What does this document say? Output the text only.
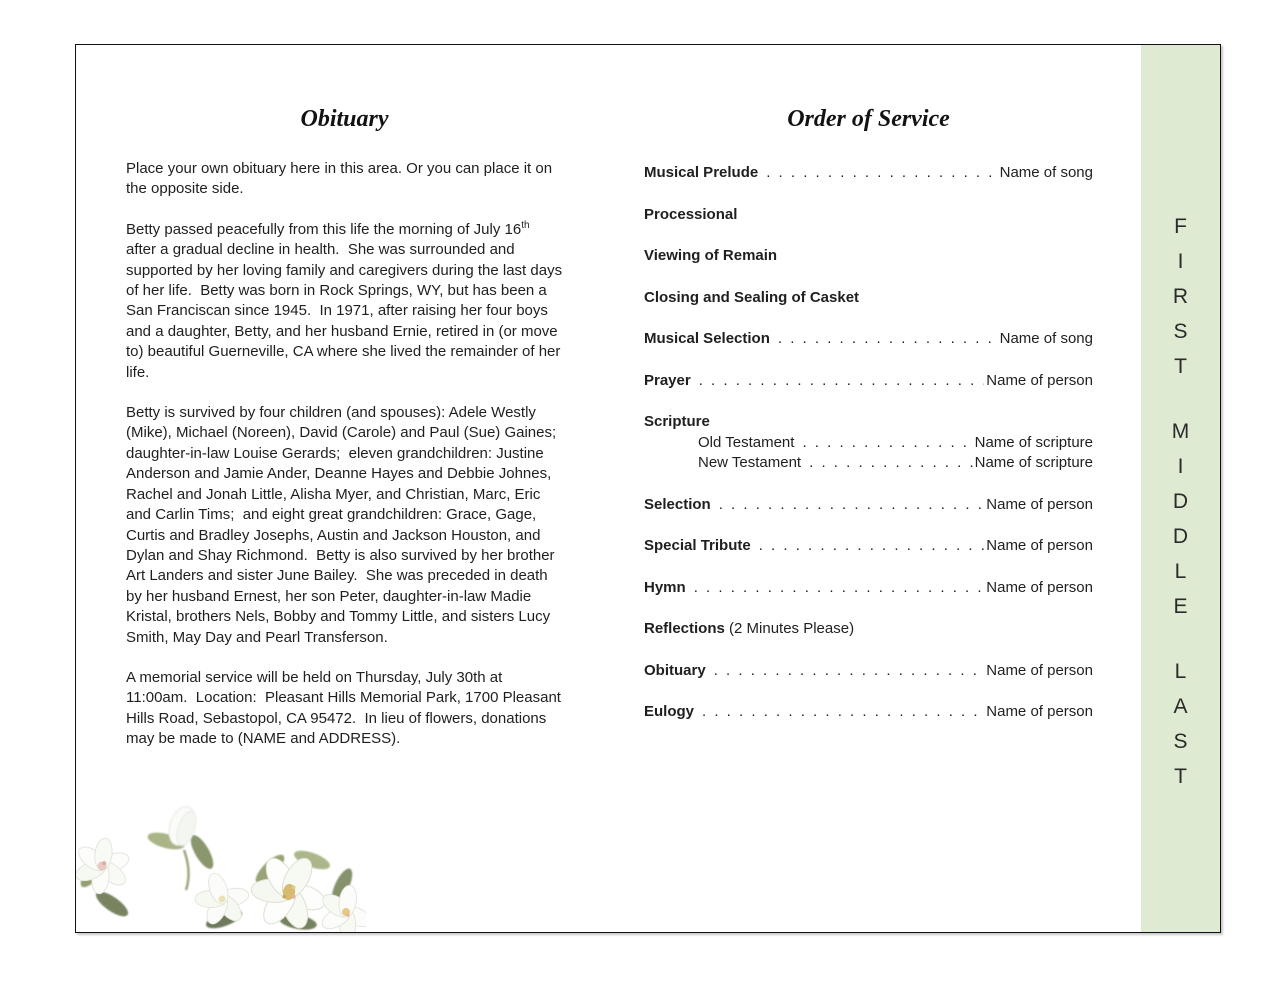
FIRST
MIDDLE
LAST
Obituary

Place your own obituary here in this area. Or you can place it on the opposite side.

Betty passed peacefully from this life the morning of July 16th after a gradual decline in health.  She was surrounded and supported by her loving family and caregivers during the last days of her life.  Betty was born in Rock Springs, WY, but has been a San Franciscan since 1945.  In 1971, after raising her four boys and a daughter, Betty, and her husband Ernie, retired in (or move to) beautiful Guerneville, CA where she lived the remainder of her life.

Betty is survived by four children (and spouses): Adele Westly (Mike), Michael (Noreen), David (Carole) and Paul (Sue) Gaines;  daughter-in-law Louise Gerards;  eleven grandchildren: Justine Anderson and Jamie Ander, Deanne Hayes and Debbie Johnes, Rachel and Jonah Little, Alisha Myer, and Christian, Marc, Eric and Carlin Tims;  and eight great grandchildren: Grace, Gage, Curtis and Bradley Josephs, Austin and Jackson Houston, and Dylan and Shay Richmond.  Betty is also survived by her brother Art Landers and sister June Bailey.  She was preceded in death by her husband Ernest, her son Peter, daughter-in-law Madie Kristal, brothers Nels, Bobby and Tommy Little, and sisters Lucy Smith, May Day and Pearl Transferson.

A memorial service will be held on Thursday, July 30th at 11:00am.  Location:  Pleasant Hills Memorial Park, 1700 Pleasant Hills Road, Sebastopol, CA 95472.  In lieu of flowers, donations may be made to (NAME and ADDRESS).

Order of Service
Musical Prelude . . .	Name of song
Processional
Viewing of Remain
Closing and Sealing of Casket
Musical Selection . . .	Name of song
Prayer . . .	Name of person
Scripture
Old Testament . . .	Name of scripture
New Testament . . .	Name of scripture
Selection . . .	Name of person
Special Tribute . . .	Name of person
Hymn . . .	Name of person
Reflections (2 Minutes Please)
Obituary . . .	Name of person
Eulogy . . .	Name of person
